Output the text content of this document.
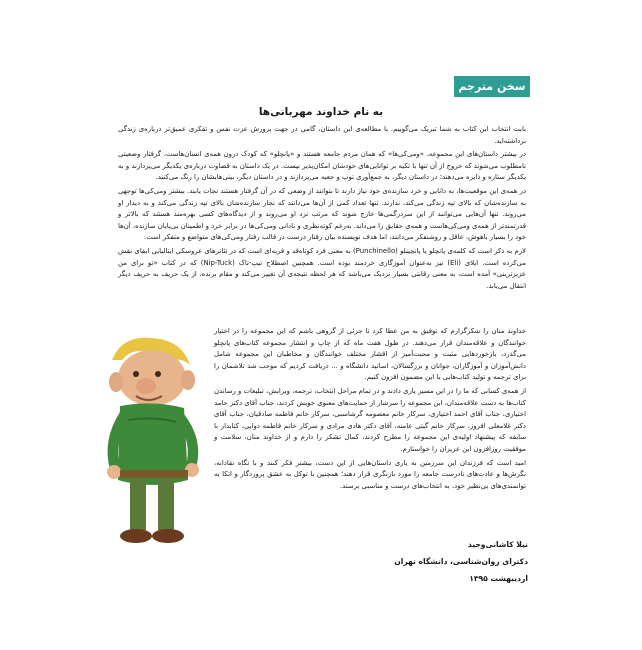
سخن مترجم
به نام خداوند مهربانی‌ها

بابت انتخاب این کتاب به شما تبریک می‌گوییم. با مطالعه‌ی این داستان، گامی در جهت پرورش عزت نفس و تفکری عمیق‌تر درباره‌ی زندگی برداشته‌اید.

در بیشتر داستان‌های این مجموعه، «ومی‌کی‌ها» که همان مردم جامعه هستند و «پانچلو» که کودک درون همه‌ی انسان‌هاست، گرفتار وضعیتی نامطلوب می‌شوند که خروج از آن تنها با تکیه بر توانایی‌های خودشان امکان‌پذیر نیست. در یک داستان به قضاوت درباره‌ی یکدیگر می‌پردازند و به یکدیگر ستاره و ذایره می‌دهند؛ در داستان دیگر، به جمع‌آوری توپ و جعبه می‌پردازند و در داستان دیگر، بینی‌هایشان را رنگ می‌کنند.

در همه‌ی این موقعیت‌ها، به دانایی و خرد سازنده‌ی خود نیاز دارند تا بتوانند از وضعی که در آن گرفتار هستند نجات یابند. بیشتر ومی‌کی‌ها توجهی به سازنده‌شان که بالای تپه زندگی می‌کند، ندارند. تنها تعداد کمی از آن‌ها می‌دانند که نجار سازنده‌شان بالای تپه زندگی می‌کند و به دیدار او می‌روند. تنها آن‌هایی می‌توانند از این سردرگمی‌ها خارج شوند که مرتب نزد او می‌روند و از دیدگاه‌های کسی بهره‌مند هستند که بالاتر و قدرتمندتر از همه‌ی ومی‌کی‌هاست و همه‌ی حقایق را می‌داند. به‌رغم کوته‌نظری و نادانی ومی‌کی‌ها در برابر خرد و اطمینان بی‌پایان سازنده، آن‌ها خود را بسیار باهوش، عاقل و روشنفکر می‌دانند، اما هدف نویسنده بیان رفتار درست در قالب رفتار ومی‌کی‌های متواضع و متفکر است.

لازم به ذکر است که کلمه‌ی پانچلو یا پانچینلو (Punchinello) به معنی فرد کوتاه‌قد و فربه‌ای است که در تئاترهای عروسکی ایتالیایی ایفای نقش می‌کرده است. ایلای (Eli) نیز به‌عنوان آموزگاری خردمند بوده است. همچنین اصطلاح تیپ-تاک (Nip-Tuck) که در کتاب «تو برای من عزیزترینی» آمده است، به معنی رقابتی بسیار نزدیک می‌باشد که هر لحظه نتیجه‌ی آن تغییر می‌کند و مقام برنده، از یک حریف به حریف دیگر انتقال می‌یابد.

خداوند منان را شکرگزارم که توفیق به من عطا کرد تا جزئی از گروهی باشم که این مجموعه را در اختیار خوانندگان و علاقه‌مندان قرار می‌دهند. در طول هفت ماه که از چاپ و انتشار مجموعه کتاب‌های پانچلو می‌گذرد، بازخوردهایی مثبت و محبت‌آمیز از اقشار مختلف خوانندگان و مخاطبان این مجموعه شامل دانش‌آموزان و آموزگاران، جوانان و بزرگسالان، اساتید دانشگاه و ... دریافت کردیم که موجب شد تلاشمان را برای ترجمه و تولید کتاب‌هایی با این مضمون افزون کنیم.

از همه‌ی کسانی که ما را در این مسیر یاری دادند و در تمام مراحل انتخاب، ترجمه، ویرایش، تبلیغات و رساندن کتاب‌ها به دست علاقه‌مندان، این مجموعه را سرشار از حمایت‌های معنوی خویش کردند، جناب آقای دکتر حامد اختیاری، جناب آقای احمد اختیاری، سرکار خانم معصومه گرشاسبی، سرکار خانم فاطمه صادقیان، جناب آقای دکتر غلامعلی افروز، سرکار خانم گیتی عامنه، آقای دکتر هادی مرادی و سرکار خانم فاطمه دوایی، کتابدار با سابقه که پیشنهاد اولیه‌ی این مجموعه را مطرح کردند، کمال تشکر را دارم و از خداوند منان، سلامت و موفقیت روزافزون این عزیزان را خواستارم.

امید است که فرزندان این سرزمین به یاری داستان‌هایی از این دست، بیشتر فکر کنند و با نگاه نقادانه، نگرش‌ها و عادت‌های نادرست جامعه را مورد بازنگری قرار دهند؛ همچنین با توکل به عشق پروردگار و اتکا به توانمندی‌های بی‌نظیر خود، به انتخاب‌های درست و مناسبی برسند.

نیلا کاشانی‌وحید
دکترای روان‌شناسی، دانشگاه تهران
اردیبهشت ۱۳۹۵
